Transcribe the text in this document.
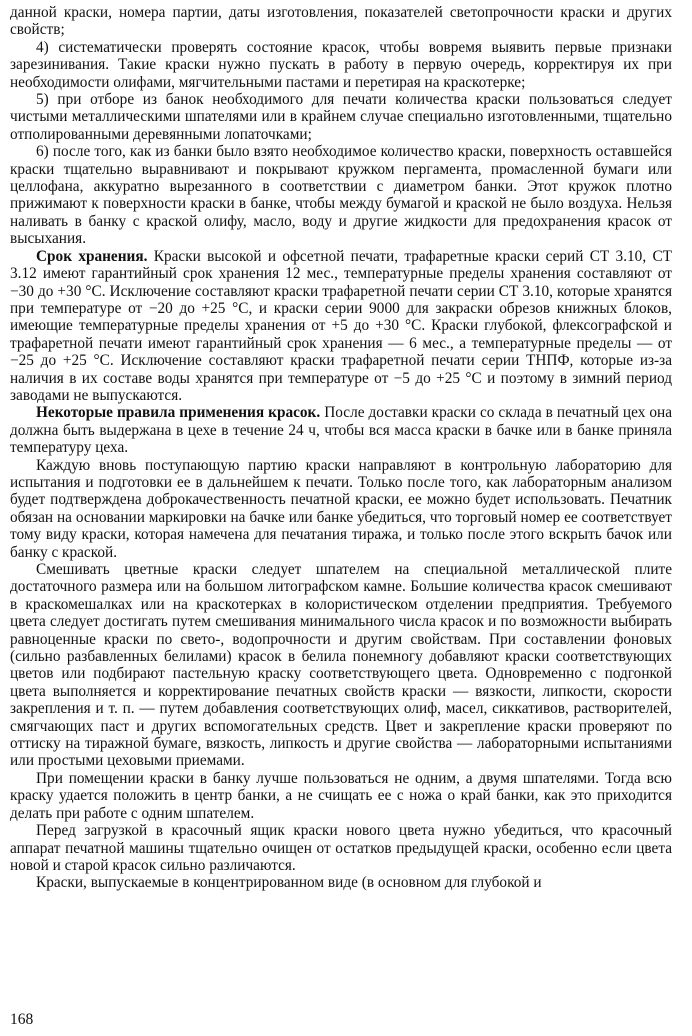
данной краски, номера партии, даты изготовления, показателей светопрочности краски и других свойств;

4) систематически проверять состояние красок, чтобы вовремя выявить первые признаки зарезинивания. Такие краски нужно пускать в работу в первую очередь, корректируя их при необходимости олифами, мягчительными пастами и перетирая на краскотерке;

5) при отборе из банок необходимого для печати количества краски пользоваться следует чистыми металлическими шпателями или в крайнем случае специально изготовленными, тщательно отполированными деревянными лопаточками;

6) после того, как из банки было взято необходимое количество краски, поверхность оставшейся краски тщательно выравнивают и покрывают кружком пергамента, промасленной бумаги или целлофана, аккуратно вырезанного в соответствии с диаметром банки. Этот кружок плотно прижимают к поверхности краски в банке, чтобы между бумагой и краской не было воздуха. Нельзя наливать в банку с краской олифу, масло, воду и другие жидкости для предохранения красок от высыхания.

Срок хранения. Краски высокой и офсетной печати, трафаретные краски серий СТ 3.10, СТ 3.12 имеют гарантийный срок хранения 12 мес., температурные пределы хранения составляют от −30 до +30 °С. Исключение составляют краски трафаретной печати серии СТ 3.10, которые хранятся при температуре от −20 до +25 °С, и краски серии 9000 для закраски обрезов книжных блоков, имеющие температурные пределы хранения от +5 до +30 °С. Краски глубокой, флексографской и трафаретной печати имеют гарантийный срок хранения — 6 мес., а температурные пределы — от −25 до +25 °С. Исключение составляют краски трафаретной печати серии ТНПФ, которые из-за наличия в их составе воды хранятся при температуре от −5 до +25 °С и поэтому в зимний период заводами не выпускаются.

Некоторые правила применения красок. После доставки краски со склада в печатный цех она должна быть выдержана в цехе в течение 24 ч, чтобы вся масса краски в бачке или в банке приняла температуру цеха.

Каждую вновь поступающую партию краски направляют в контрольную лабораторию для испытания и подготовки ее в дальнейшем к печати. Только после того, как лабораторным анализом будет подтверждена доброкачественность печатной краски, ее можно будет использовать. Печатник обязан на основании маркировки на бачке или банке убедиться, что торговый номер ее соответствует тому виду краски, которая намечена для печатания тиража, и только после этого вскрыть бачок или банку с краской.

Смешивать цветные краски следует шпателем на специальной металлической плите достаточного размера или на большом литографском камне. Большие количества красок смешивают в краскомешалках или на краскотерках в колористическом отделении предприятия. Требуемого цвета следует достигать путем смешивания минимального числа красок и по возможности выбирать равноценные краски по свето-, водопрочности и другим свойствам. При составлении фоновых (сильно разбавленных белилами) красок в белила понемногу добавляют краски соответствующих цветов или подбирают пастельную краску соответствующего цвета. Одновременно с подгонкой цвета выполняется и корректирование печатных свойств краски — вязкости, липкости, скорости закрепления и т. п. — путем добавления соответствующих олиф, масел, сиккативов, растворителей, смягчающих паст и других вспомогательных средств. Цвет и закрепление краски проверяют по оттиску на тиражной бумаге, вязкость, липкость и другие свойства — лабораторными испытаниями или простыми цеховыми приемами.

При помещении краски в банку лучше пользоваться не одним, а двумя шпателями. Тогда всю краску удается положить в центр банки, а не счищать ее с ножа о край банки, как это приходится делать при работе с одним шпателем.

Перед загрузкой в красочный ящик краски нового цвета нужно убедиться, что красочный аппарат печатной машины тщательно очищен от остатков предыдущей краски, особенно если цвета новой и старой красок сильно различаются.

Краски, выпускаемые в концентрированном виде (в основном для глубокой и

168
